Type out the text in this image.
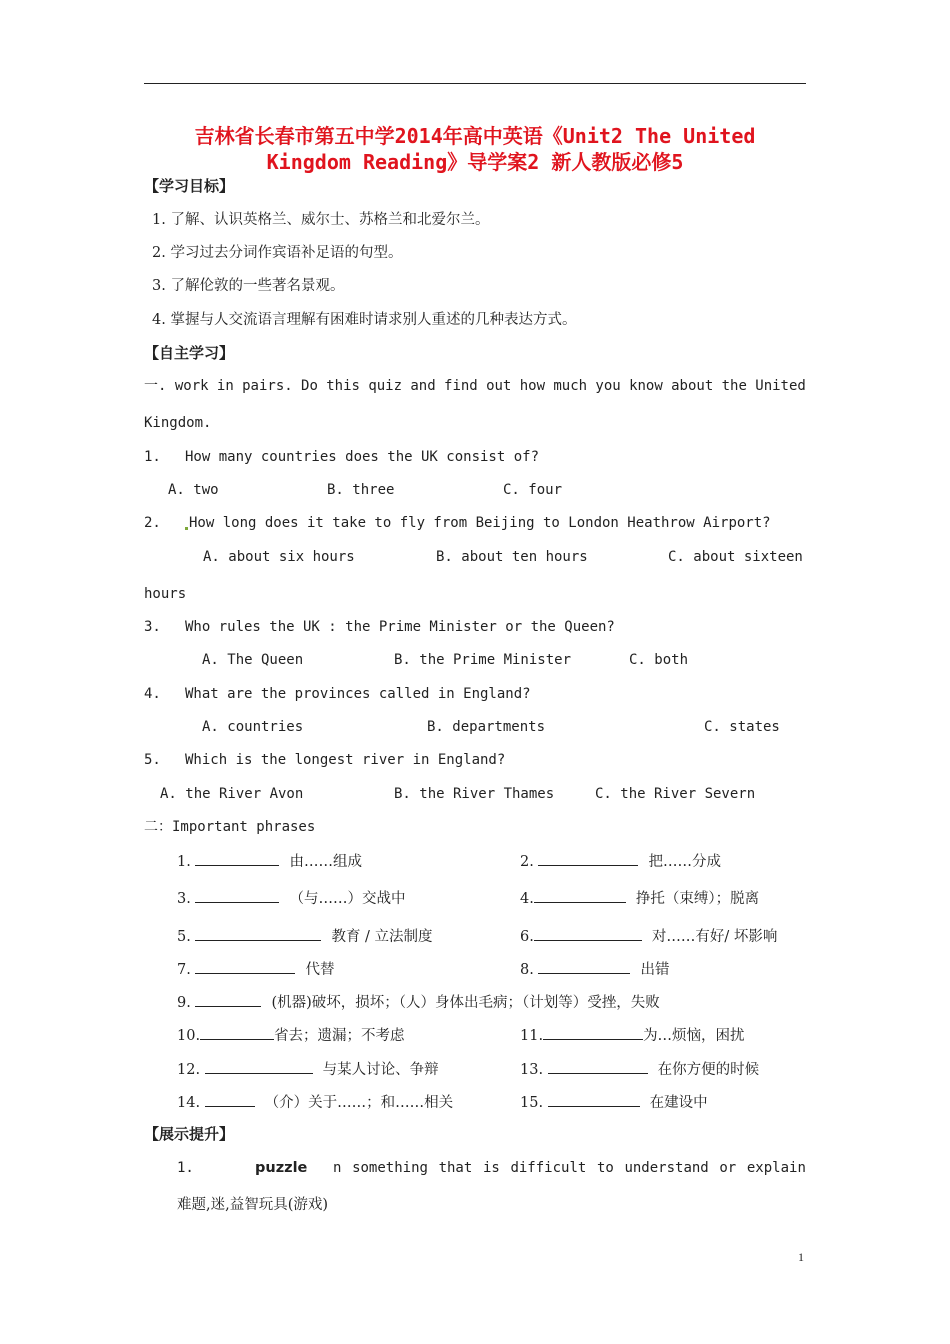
吉林省长春市第五中学2014年高中英语《Unit2 The United
Kingdom Reading》导学案2 新人教版必修5
【学习目标】
1. 了解、认识英格兰、威尔士、苏格兰和北爱尔兰。
2. 学习过去分词作宾语补足语的句型。
3. 了解伦敦的一些著名景观。
4. 掌握与人交流语言理解有困难时请求别人重述的几种表达方式。
【自主学习】
一. work in pairs. Do this quiz and find out how much you know about the United
Kingdom.
1. How many countries does the UK consist of?
A. two	B. three	C. four
2. How long does it take to fly from Beijing to London Heathrow Airport?
A. about six hours	B. about ten hours	C. about sixteen
hours
3. Who rules the UK : the Prime Minister or the Queen?
A. The Queen	B. the Prime Minister	C. both
4. What are the provinces called in England?
A. countries	B. departments	C. states
5. Which is the longest river in England?
A. the River Avon	B. the River Thames	C. the River Severn
二：Important phrases
1.	由……组成	2.	把……分成
3.	（与……）交战中	4.	挣托（束缚）；脱离
5.	教育 / 立法制度	6.	对……有好/ 坏影响
7.	代替	8.	出错
9.	(机器)破坏，损坏；（人）身体出毛病；（计划等）受挫，失败
10.	省去；遗漏；不考虑	11.	为…烦恼，困扰
12.	与某人讨论、争辩	13.	在你方便的时候
14.	（介）关于……；和……相关	15.	在建设中
【展示提升】
1.	puzzle n something that is difficult to understand or explain
难题,迷,益智玩具(游戏)
1
